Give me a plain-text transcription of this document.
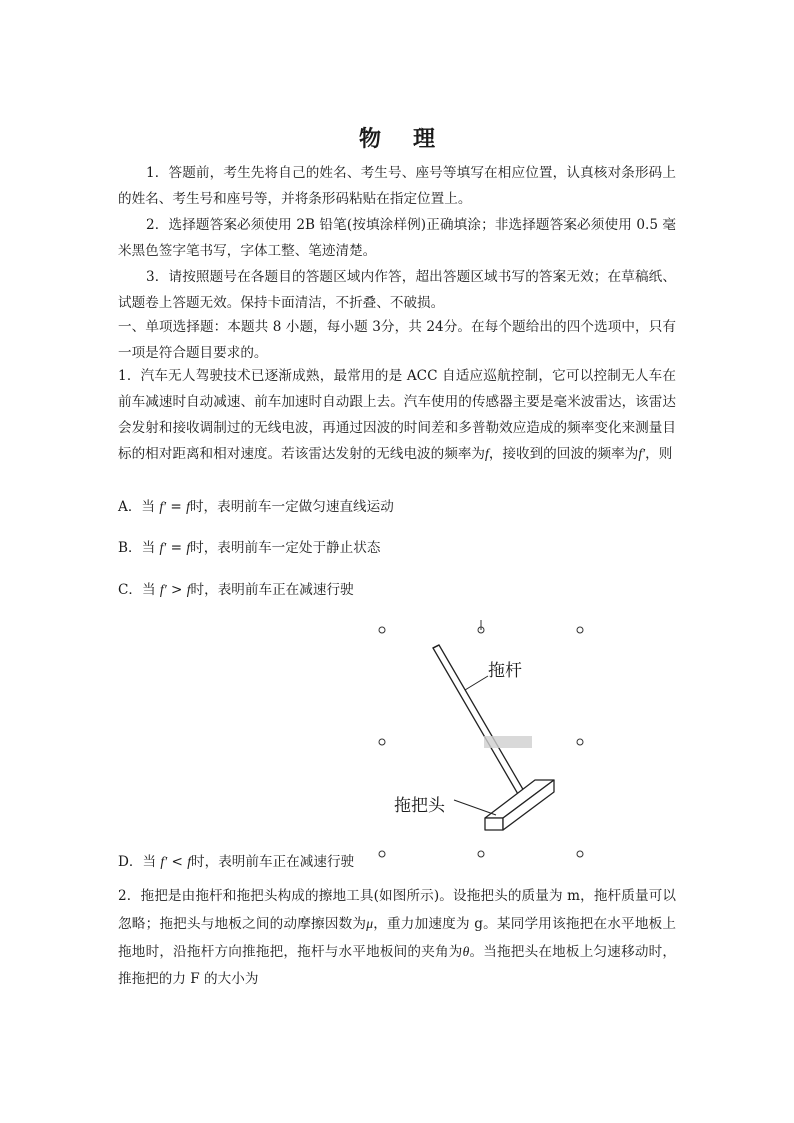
物 理
1．答题前，考生先将自己的姓名、考生号、座号等填写在相应位置，认真核对条形码上的姓名、考生号和座号等，并将条形码粘贴在指定位置上。
2．选择题答案必须使用 2B 铅笔(按填涂样例)正确填涂；非选择题答案必须使用 0.5 毫米黑色签字笔书写，字体工整、笔迹清楚。
3．请按照题号在各题目的答题区域内作答，超出答题区域书写的答案无效；在草稿纸、试题卷上答题无效。保持卡面清洁，不折叠、不破损。
一、单项选择题：本题共 8 小题，每小题 3分，共 24分。在每个题给出的四个选项中，只有一项是符合题目要求的。
1．汽车无人驾驶技术已逐渐成熟，最常用的是 ACC 自适应巡航控制，它可以控制无人车在前车减速时自动减速、前车加速时自动跟上去。汽车使用的传感器主要是毫米波雷达，该雷达会发射和接收调制过的无线电波，再通过因波的时间差和多普勒效应造成的频率变化来测量目标的相对距离和相对速度。若该雷达发射的无线电波的频率为f，接收到的回波的频率为f′，则
A．当 f′ = f时，表明前车一定做匀速直线运动
B．当 f′ = f时，表明前车一定处于静止状态
C．当 f′ > f时，表明前车正在减速行驶
拖杆
拖把头
D．当 f′ < f时，表明前车正在减速行驶
2．拖把是由拖杆和拖把头构成的擦地工具(如图所示)。设拖把头的质量为 m，拖杆质量可以忽略；拖把头与地板之间的动摩擦因数为μ，重力加速度为 g。某同学用该拖把在水平地板上拖地时，沿拖杆方向推拖把，拖杆与水平地板间的夹角为θ。当拖把头在地板上匀速移动时，推拖把的力 F 的大小为
